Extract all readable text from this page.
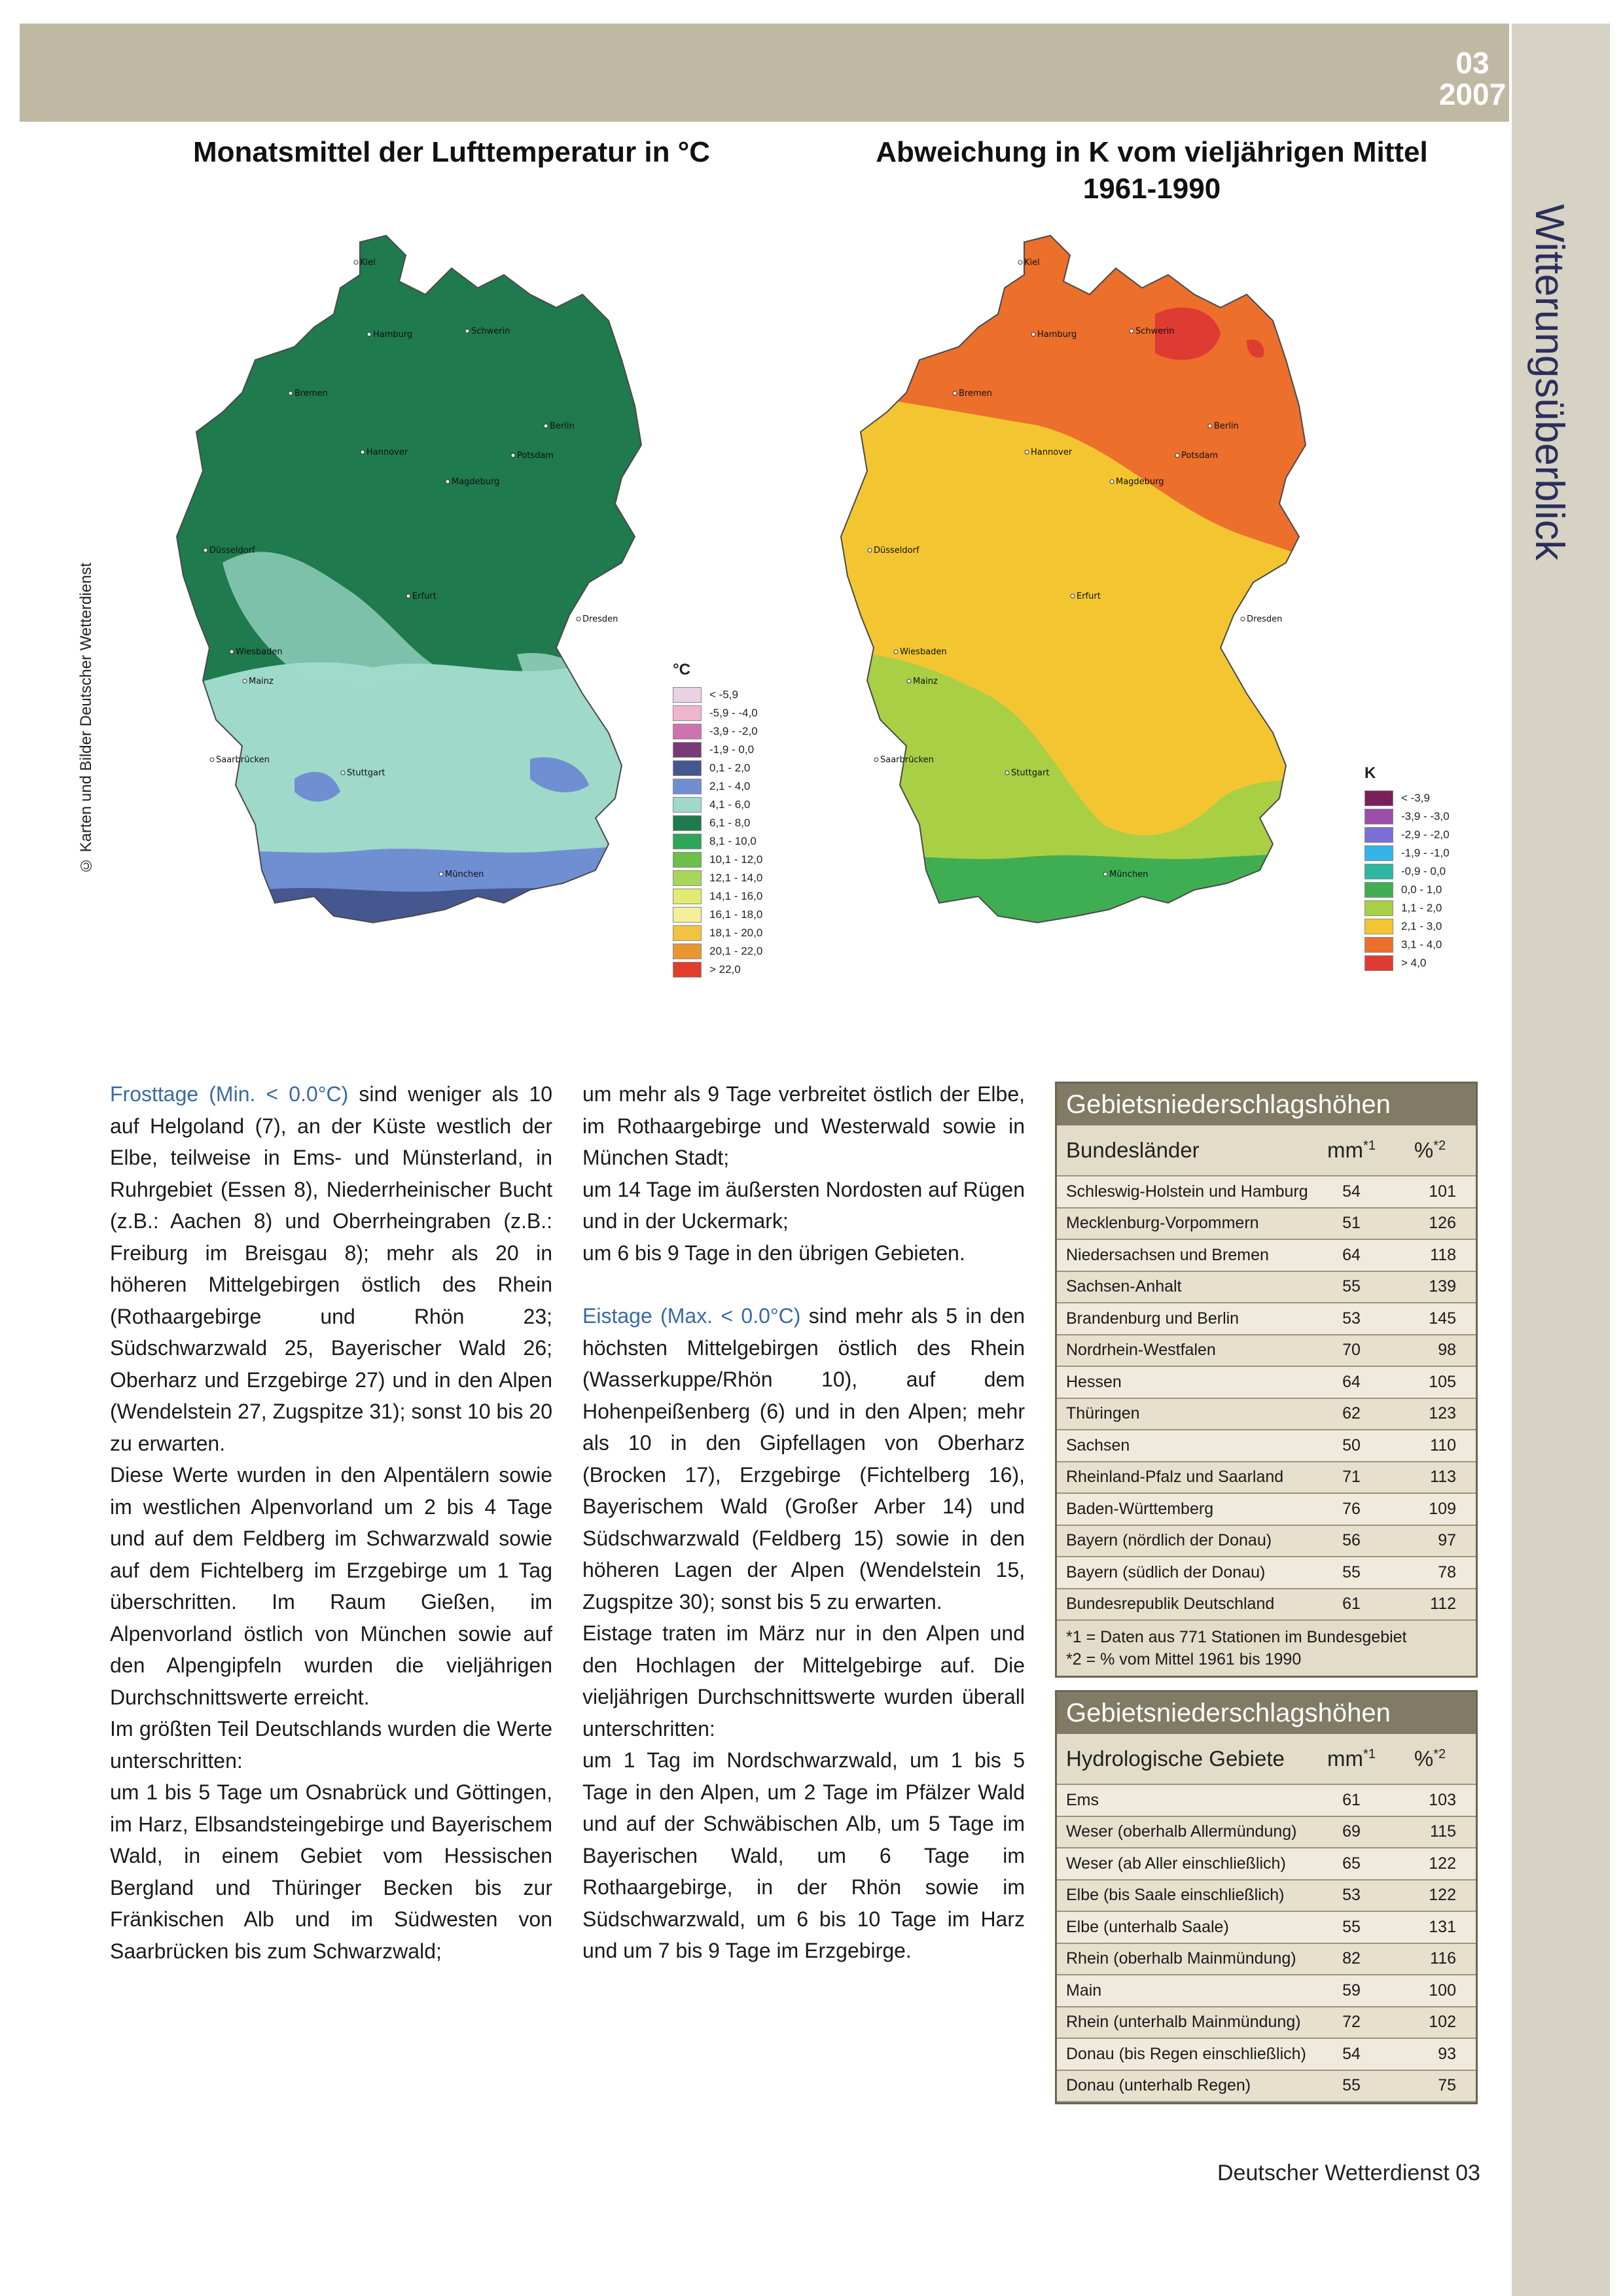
03
2007
Witterungsüberblick
© Karten und Bilder Deutscher Wetterdienst
Monatsmittel der Lufttemperatur in °C	Abweichung in K vom vieljährigen Mittel
1961-1990
Kiel
Hamburg	Schwerin
Bremen
Berlin
Hannover	Potsdam
Magdeburg
Düsseldorf
Erfurt
Dresden
Wiesbaden
Mainz
Saarbrücken
Stuttgart
München
°C
< -5,9
-5,9 - -4,0
-3,9 - -2,0
-1,9 - 0,0
0,1 - 2,0
2,1 - 4,0
4,1 - 6,0
6,1 - 8,0
8,1 - 10,0
10,1 - 12,0
12,1 - 14,0
14,1 - 16,0
16,1 - 18,0
18,1 - 20,0
20,1 - 22,0
> 22,0
Kiel
Hamburg	Schwerin
Bremen
Berlin
Hannover	Potsdam
Magdeburg
Düsseldorf
Erfurt
Dresden
Wiesbaden
Mainz
Saarbrücken
Stuttgart
München
K
< -3,9
-3,9 - -3,0
-2,9 - -2,0
-1,9 - -1,0
-0,9 - 0,0
0,0 - 1,0
1,1 - 2,0
2,1 - 3,0
3,1 - 4,0
> 4,0

Frosttage (Min. < 0.0°C) sind weniger als 10 auf Helgoland (7), an der Küste westlich der Elbe, teilweise in Ems- und Münsterland, in Ruhrgebiet (Essen 8), Niederrheinischer Bucht (z.B.: Aachen 8) und Oberrheingraben (z.B.: Freiburg im Breisgau 8); mehr als 20 in höheren Mittelgebirgen östlich des Rhein (Rothaargebirge und Rhön 23; Südschwarzwald 25, Bayerischer Wald 26; Oberharz und Erzgebirge 27) und in den Alpen (Wendelstein 27, Zugspitze 31); sonst 10 bis 20 zu erwarten.

Diese Werte wurden in den Alpentälern sowie im westlichen Alpenvorland um 2 bis 4 Tage und auf dem Feldberg im Schwarzwald sowie auf dem Fichtelberg im Erzgebirge um 1 Tag überschritten. Im Raum Gießen, im Alpenvorland östlich von München sowie auf den Alpengipfeln wurden die vieljährigen Durchschnittswerte erreicht.

Im größten Teil Deutschlands wurden die Werte unterschritten:

um 1 bis 5 Tage um Osnabrück und Göttingen, im Harz, Elbsandsteingebirge und Bayerischem Wald, in einem Gebiet vom Hessischen Bergland und Thüringer Becken bis zur Fränkischen Alb und im Südwesten von Saarbrücken bis zum Schwarzwald;

um mehr als 9 Tage verbreitet östlich der Elbe, im Rothaargebirge und Westerwald sowie in München Stadt;

um 14 Tage im äußersten Nordosten auf Rügen und in der Uckermark;

um 6 bis 9 Tage in den übrigen Gebieten.

Eistage (Max. < 0.0°C) sind mehr als 5 in den höchsten Mittelgebirgen östlich des Rhein (Wasserkuppe/Rhön 10), auf dem Hohenpeißenberg (6) und in den Alpen; mehr als 10 in den Gipfellagen von Oberharz (Brocken 17), Erzgebirge (Fichtelberg 16), Bayerischem Wald (Großer Arber 14) und Südschwarzwald (Feldberg 15) sowie in den höheren Lagen der Alpen (Wendelstein 15, Zugspitze 30); sonst bis 5 zu erwarten.

Eistage traten im März nur in den Alpen und den Hochlagen der Mittelgebirge auf. Die vieljährigen Durchschnittswerte wurden überall unterschritten:

um 1 Tag im Nordschwarzwald, um 1 bis 5 Tage in den Alpen, um 2 Tage im Pfälzer Wald und auf der Schwäbischen Alb, um 5 Tage im Bayerischen Wald, um 6 Tage im Rothaargebirge, in der Rhön sowie im Südschwarzwald, um 6 bis 10 Tage im Harz und um 7 bis 9 Tage im Erzgebirge.

Gebietsniederschlagshöhen
Bundesländer	$mm^{*1}$	%$^{*2}$
Schleswig-Holstein und Hamburg	54	101
Mecklenburg-Vorpommern	51	126
Niedersachsen und Bremen	64	118
Sachsen-Anhalt	55	139
Brandenburg und Berlin	53	145
Nordrhein-Westfalen	70	98
Hessen	64	105
Thüringen	62	123
Sachsen	50	110
Rheinland-Pfalz und Saarland	71	113
Baden-Württemberg	76	109
Bayern (nördlich der Donau)	56	97
Bayern (südlich der Donau)	55	78
Bundesrepublik Deutschland	61	112
*1 = Daten aus 771 Stationen im Bundesgebiet
*2 = % vom Mittel 1961 bis 1990
Gebietsniederschlagshöhen
Hydrologische Gebiete	$mm^{*1}$	%$^{*2}$
Ems	61	103
Weser (oberhalb Allermündung)	69	115
Weser (ab Aller einschließlich)	65	122
Elbe (bis Saale einschließlich)	53	122
Elbe (unterhalb Saale)	55	131
Rhein (oberhalb Mainmündung)	82	116
Main	59	100
Rhein (unterhalb Mainmündung)	72	102
Donau (bis Regen einschließlich)	54	93
Donau (unterhalb Regen)	55	75
Deutscher Wetterdienst 03
